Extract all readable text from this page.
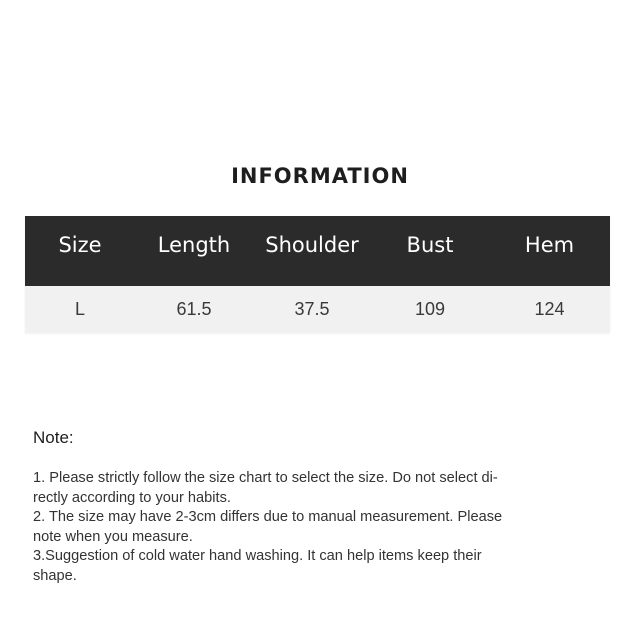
INFORMATION
Size	Length	Shoulder	Bust	Hem
L	61.5	37.5	109	124
Note:
1. Please strictly follow the size chart to select the size. Do not select di-
rectly according to your habits.
2. The size may have 2-3cm differs due to manual measurement. Please
note when you measure.
3.Suggestion of cold water hand washing. It can help items keep their
shape.
